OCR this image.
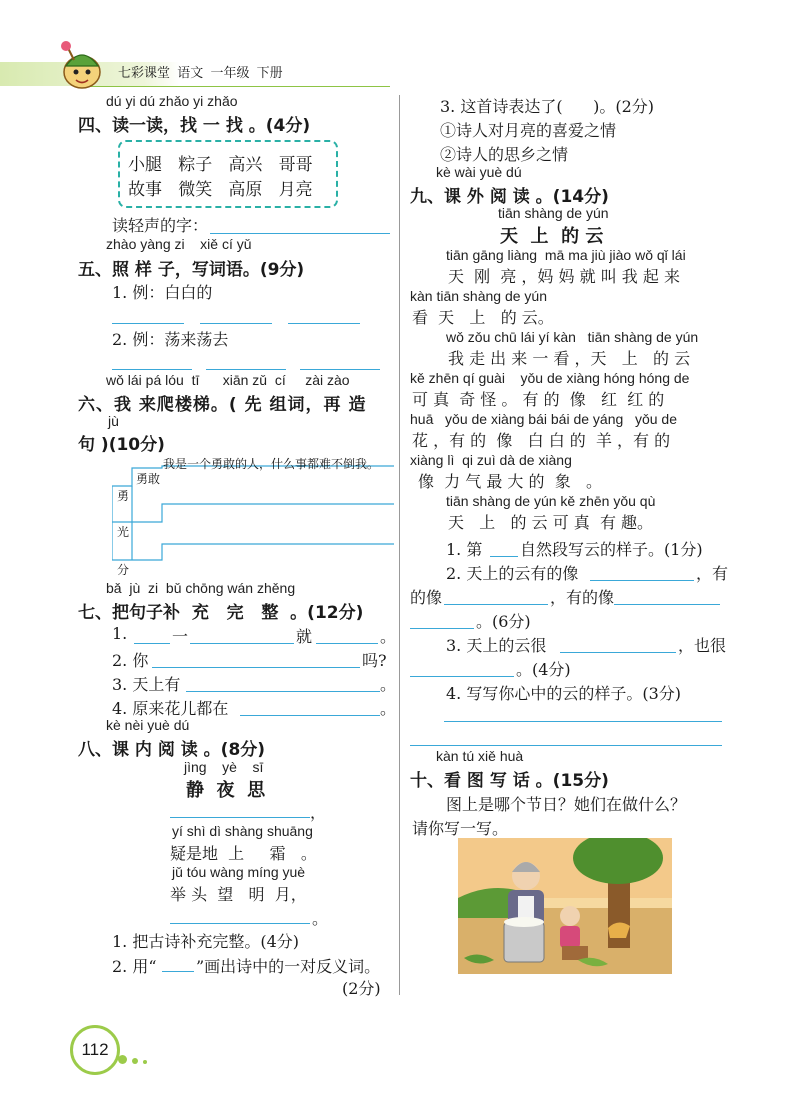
七彩课堂  语文  一年级  下册
dú yi dú zhǎo yi zhǎo
四、读一读，找 一 找 。(4分)
小腿   粽子   高兴   哥哥
故事   微笑   高原   月亮
读轻声的字：
zhào yàng zi    xiě cí yǔ
五、照 样 子，写词语。(9分)
1. 例：白白的
2. 例：荡来荡去
wǒ lái pá lóu  tī      xiān zǔ  cí     zài zào
六、我 来爬楼梯。( 先 组词，再 造
jù
句 )(10分)
我是一个勇敢的人，什么事都难不倒我。
勇敢
勇
光
分
bǎ  jù  zi  bǔ chōng wán zhěng
七、把句子补  充   完   整  。(12分)
1.	一	就	。
2. 你	吗?
3. 天上有	。
4. 原来花儿都在	。
kè nèi yuè dú
八、课 内 阅 读 。(8分)
jìng    yè    sī
静  夜  思
，
yí shì dì shàng shuāng
疑是地  上     霜   。
jǔ tóu wàng míng yuè
举 头  望   明  月，
。
1. 把古诗补充完整。(4分)
2. 用“ ”画出诗中的一对反义词。
(2分)
3. 这首诗表达了(      )。(2分)
①诗人对月亮的喜爱之情
②诗人的思乡之情
kè wài yuè dú
九、课 外 阅 读 。(14分)
tiān shàng de yún
天  上  的 云
tiān gāng liàng  mā ma jiù jiào wǒ qǐ lái
天  刚  亮 ，妈 妈 就 叫 我 起 来
kàn tiān shàng de yún
看  天   上   的 云。
wǒ zǒu chū lái yí kàn   tiān shàng de yún
我 走 出 来 一 看 ，天   上   的 云
kě zhēn qí guài    yǒu de xiàng hóng hóng de
可 真  奇 怪 。 有 的  像   红  红 的
huā   yǒu de xiàng bái bái de yáng   yǒu de
花 ，有 的  像   白 白 的  羊 ，有 的
xiàng lì  qi zuì dà de xiàng
像  力 气 最 大 的  象   。
tiān shàng de yún kě zhēn yǒu qù
天   上   的 云 可 真  有 趣。
1. 第 自然段写云的样子。(1分)
2. 天上的云有的像	，有
的像	，有的像
。(6分)
3. 天上的云很	，也很
。(4分)
4. 写写你心中的云的样子。(3分)
kàn tú xiě huà
十、看 图 写 话 。(15分)
图上是哪个节日？她们在做什么？
请你写一写。
112
